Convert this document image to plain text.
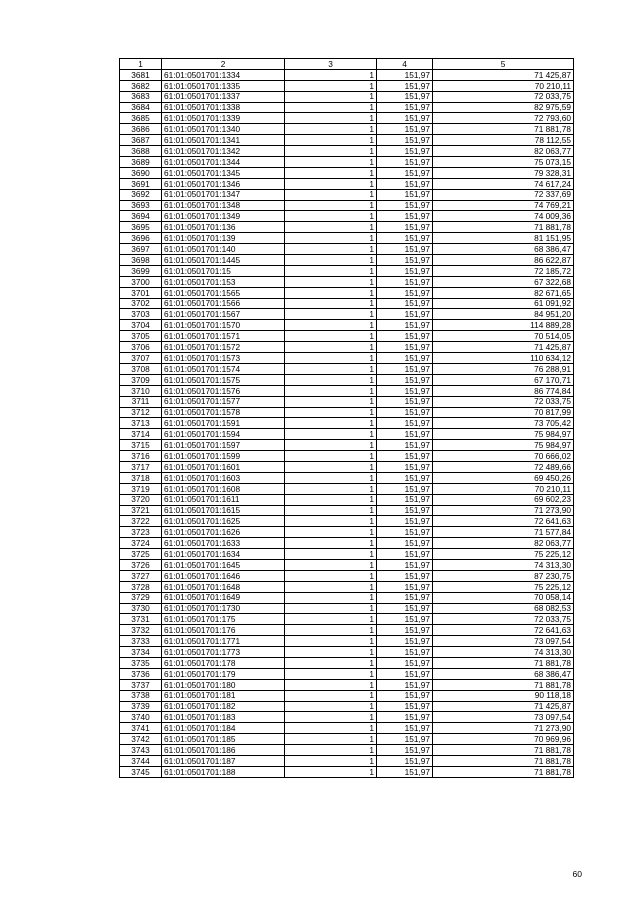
1	2	3	4	5
3681	61:01:0501701:1334	1	151,97	71 425,87
3682	61:01:0501701:1335	1	151,97	70 210,11
3683	61:01:0501701:1337	1	151,97	72 033,75
3684	61:01:0501701:1338	1	151,97	82 975,59
3685	61:01:0501701:1339	1	151,97	72 793,60
3686	61:01:0501701:1340	1	151,97	71 881,78
3687	61:01:0501701:1341	1	151,97	78 112,55
3688	61:01:0501701:1342	1	151,97	82 063,77
3689	61:01:0501701:1344	1	151,97	75 073,15
3690	61:01:0501701:1345	1	151,97	79 328,31
3691	61:01:0501701:1346	1	151,97	74 617,24
3692	61:01:0501701:1347	1	151,97	72 337,69
3693	61:01:0501701:1348	1	151,97	74 769,21
3694	61:01:0501701:1349	1	151,97	74 009,36
3695	61:01:0501701:136	1	151,97	71 881,78
3696	61:01:0501701:139	1	151,97	81 151,95
3697	61:01:0501701:140	1	151,97	68 386,47
3698	61:01:0501701:1445	1	151,97	86 622,87
3699	61:01:0501701:15	1	151,97	72 185,72
3700	61:01:0501701:153	1	151,97	67 322,68
3701	61:01:0501701:1565	1	151,97	82 671,65
3702	61:01:0501701:1566	1	151,97	61 091,92
3703	61:01:0501701:1567	1	151,97	84 951,20
3704	61:01:0501701:1570	1	151,97	114 889,28
3705	61:01:0501701:1571	1	151,97	70 514,05
3706	61:01:0501701:1572	1	151,97	71 425,87
3707	61:01:0501701:1573	1	151,97	110 634,12
3708	61:01:0501701:1574	1	151,97	76 288,91
3709	61:01:0501701:1575	1	151,97	67 170,71
3710	61:01:0501701:1576	1	151,97	86 774,84
3711	61:01:0501701:1577	1	151,97	72 033,75
3712	61:01:0501701:1578	1	151,97	70 817,99
3713	61:01:0501701:1591	1	151,97	73 705,42
3714	61:01:0501701:1594	1	151,97	75 984,97
3715	61:01:0501701:1597	1	151,97	75 984,97
3716	61:01:0501701:1599	1	151,97	70 666,02
3717	61:01:0501701:1601	1	151,97	72 489,66
3718	61:01:0501701:1603	1	151,97	69 450,26
3719	61:01:0501701:1608	1	151,97	70 210,11
3720	61:01:0501701:1611	1	151,97	69 602,23
3721	61:01:0501701:1615	1	151,97	71 273,90
3722	61:01:0501701:1625	1	151,97	72 641,63
3723	61:01:0501701:1626	1	151,97	71 577,84
3724	61:01:0501701:1633	1	151,97	82 063,77
3725	61:01:0501701:1634	1	151,97	75 225,12
3726	61:01:0501701:1645	1	151,97	74 313,30
3727	61:01:0501701:1646	1	151,97	87 230,75
3728	61:01:0501701:1648	1	151,97	75 225,12
3729	61:01:0501701:1649	1	151,97	70 058,14
3730	61:01:0501701:1730	1	151,97	68 082,53
3731	61:01:0501701:175	1	151,97	72 033,75
3732	61:01:0501701:176	1	151,97	72 641,63
3733	61:01:0501701:1771	1	151,97	73 097,54
3734	61:01:0501701:1773	1	151,97	74 313,30
3735	61:01:0501701:178	1	151,97	71 881,78
3736	61:01:0501701:179	1	151,97	68 386,47
3737	61:01:0501701:180	1	151,97	71 881,78
3738	61:01:0501701:181	1	151,97	90 118,18
3739	61:01:0501701:182	1	151,97	71 425,87
3740	61:01:0501701:183	1	151,97	73 097,54
3741	61:01:0501701:184	1	151,97	71 273,90
3742	61:01:0501701:185	1	151,97	70 969,96
3743	61:01:0501701:186	1	151,97	71 881,78
3744	61:01:0501701:187	1	151,97	71 881,78
3745	61:01:0501701:188	1	151,97	71 881,78
60
